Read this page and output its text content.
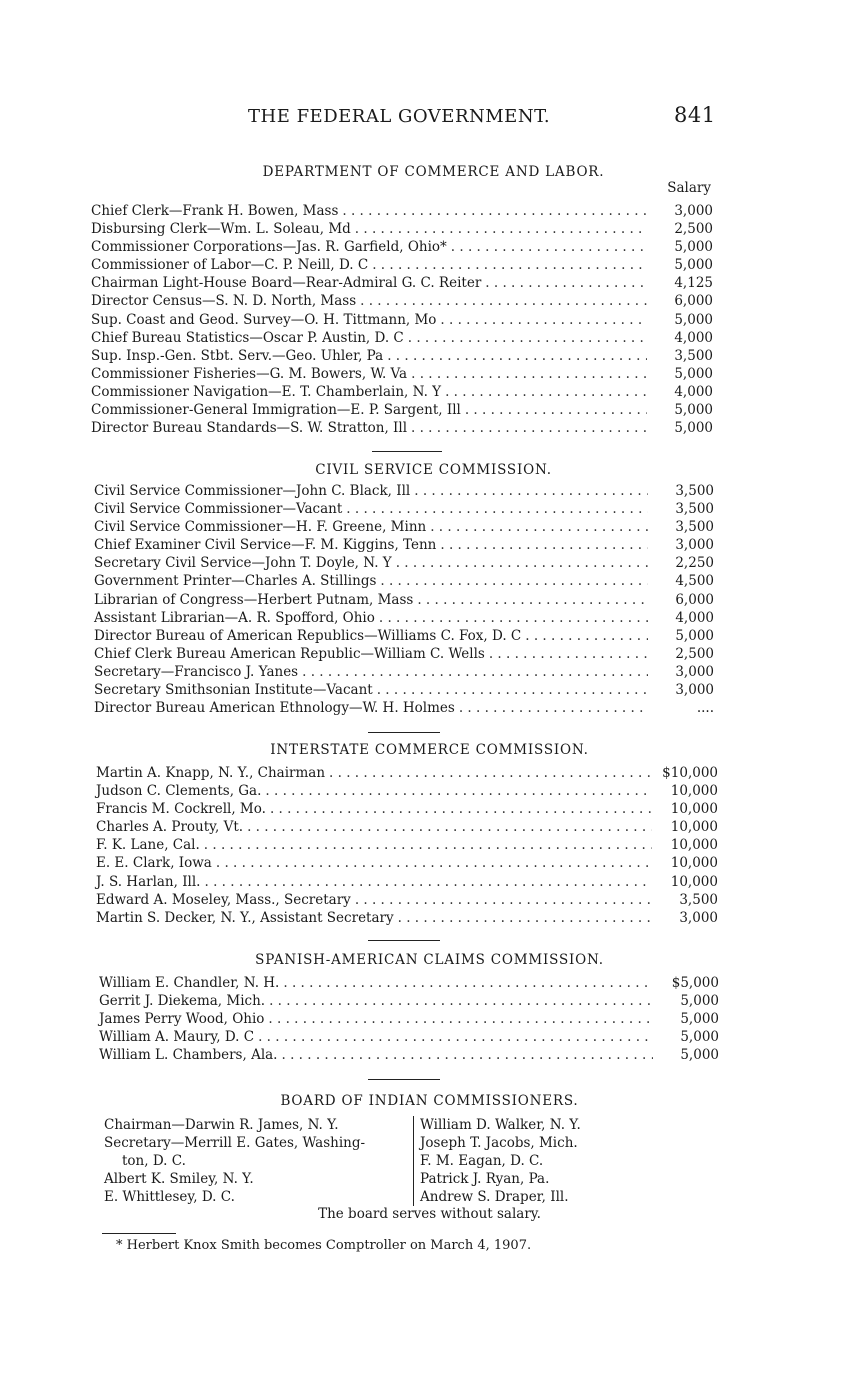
THE FEDERAL GOVERNMENT.	841
DEPARTMENT OF COMMERCE AND LABOR.
Salary
Chief Clerk—Frank H. Bowen, Mass . . .	3,000
Disbursing Clerk—Wm. L. Soleau, Md . . .	2,500
Commissioner Corporations—Jas. R. Garfield, Ohio* . . .	5,000
Commissioner of Labor—C. P. Neill, D. C . . .	5,000
Chairman Light-House Board—Rear-Admiral G. C. Reiter . . .	4,125
Director Census—S. N. D. North, Mass . . .	6,000
Sup. Coast and Geod. Survey—O. H. Tittmann, Mo . . .	5,000
Chief Bureau Statistics—Oscar P. Austin, D. C . . .	4,000
Sup. Insp.-Gen. Stbt. Serv.—Geo. Uhler, Pa . . .	3,500
Commissioner Fisheries—G. M. Bowers, W. Va . . .	5,000
Commissioner Navigation—E. T. Chamberlain, N. Y . . .	4,000
Commissioner-General Immigration—E. P. Sargent, Ill . . .	5,000
Director Bureau Standards—S. W. Stratton, Ill . . .	5,000
CIVIL SERVICE COMMISSION.
Civil Service Commissioner—John C. Black, Ill . . .	3,500
Civil Service Commissioner—Vacant . . .	3,500
Civil Service Commissioner—H. F. Greene, Minn . . .	3,500
Chief Examiner Civil Service—F. M. Kiggins, Tenn . . .	3,000
Secretary Civil Service—John T. Doyle, N. Y . . .	2,250
Government Printer—Charles A. Stillings . . .	4,500
Librarian of Congress—Herbert Putnam, Mass . . .	6,000
Assistant Librarian—A. R. Spofford, Ohio . . .	4,000
Director Bureau of American Republics—Williams C. Fox, D. C . . .	5,000
Chief Clerk Bureau American Republic—William C. Wells . . .	2,500
Secretary—Francisco J. Yanes . . .	3,000
Secretary Smithsonian Institute—Vacant . . .	3,000
Director Bureau American Ethnology—W. H. Holmes . . .	....
INTERSTATE COMMERCE COMMISSION.
Martin A. Knapp, N. Y., Chairman . . .	$10,000
Judson C. Clements, Ga. . . .	10,000
Francis M. Cockrell, Mo. . . .	10,000
Charles A. Prouty, Vt. . . .	10,000
F. K. Lane, Cal. . . .	10,000
E. E. Clark, Iowa . . .	10,000
J. S. Harlan, Ill. . . .	10,000
Edward A. Moseley, Mass., Secretary . . .	3,500
Martin S. Decker, N. Y., Assistant Secretary . . .	3,000
SPANISH-AMERICAN CLAIMS COMMISSION.
William E. Chandler, N. H. . . .	$5,000
Gerrit J. Diekema, Mich. . . .	5,000
James Perry Wood, Ohio . . .	5,000
William A. Maury, D. C . . .	5,000
William L. Chambers, Ala. . . .	5,000
BOARD OF INDIAN COMMISSIONERS.
Chairman—Darwin R. James, N. Y.
Secretary—Merrill E. Gates, Washing-
ton, D. C.
Albert K. Smiley, N. Y.
E. Whittlesey, D. C.
William D. Walker, N. Y.
Joseph T. Jacobs, Mich.
F. M. Eagan, D. C.
Patrick J. Ryan, Pa.
Andrew S. Draper, Ill.
The board serves without salary.
* Herbert Knox Smith becomes Comptroller on March 4, 1907.
